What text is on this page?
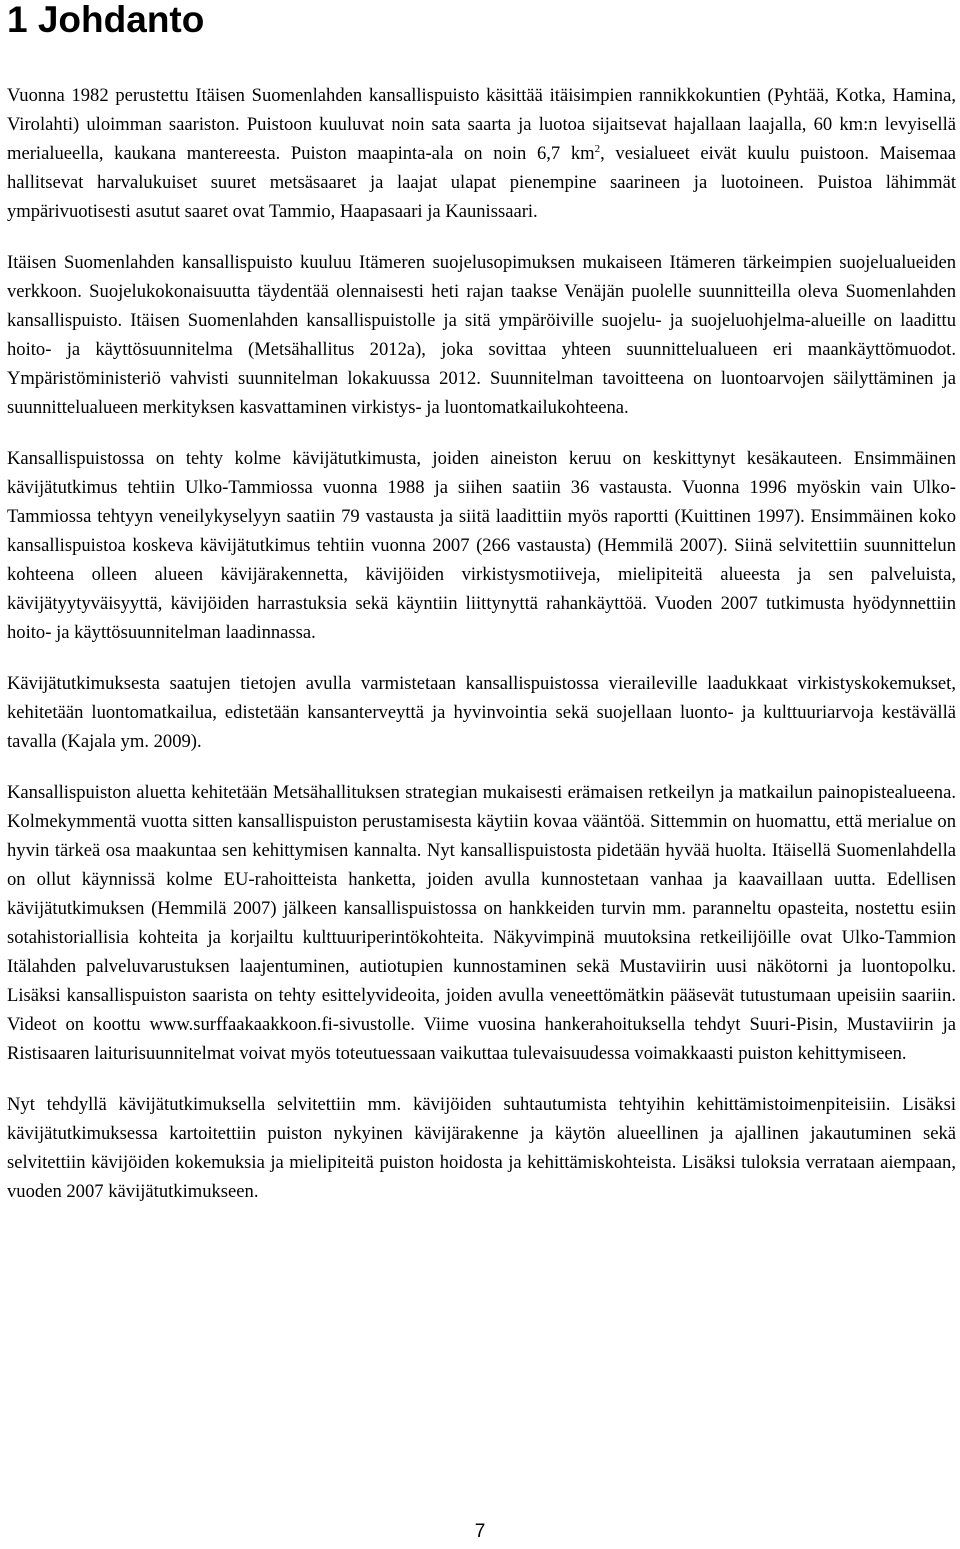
1 Johdanto

Vuonna 1982 perustettu Itäisen Suomenlahden kansallispuisto käsittää itäisimpien rannikkokuntien (Pyhtää, Kotka, Hamina, Virolahti) uloimman saariston. Puistoon kuuluvat noin sata saarta ja luotoa sijaitsevat hajallaan laajalla, 60 km:n levyisellä merialueella, kaukana mantereesta. Puiston maapinta-ala on noin 6,7 $km^2$, vesialueet eivät kuulu puistoon. Maisemaa hallitsevat harvalukuiset suuret metsäsaaret ja laajat ulapat pienempine saarineen ja luotoineen. Puistoa lähimmät ympärivuotisesti asutut saaret ovat Tammio, Haapasaari ja Kaunissaari.

Itäisen Suomenlahden kansallispuisto kuuluu Itämeren suojelusopimuksen mukaiseen Itämeren tärkeimpien suojelualueiden verkkoon. Suojelukokonaisuutta täydentää olennaisesti heti rajan taakse Venäjän puolelle suunnitteilla oleva Suomenlahden kansallispuisto. Itäisen Suomenlahden kansallispuistolle ja sitä ympäröiville suojelu- ja suojeluohjelma-alueille on laadittu hoito- ja käyttösuunnitelma (Metsähallitus 2012a), joka sovittaa yhteen suunnittelualueen eri maankäyttömuodot. Ympäristöministeriö vahvisti suunnitelman lokakuussa 2012. Suunnitelman tavoitteena on luontoarvojen säilyttäminen ja suunnittelualueen merkityksen kasvattaminen virkistys- ja luontomatkailukohteena.

Kansallispuistossa on tehty kolme kävijätutkimusta, joiden aineiston keruu on keskittynyt kesäkauteen. Ensimmäinen kävijätutkimus tehtiin Ulko-Tammiossa vuonna 1988 ja siihen saatiin 36 vastausta. Vuonna 1996 myöskin vain Ulko-Tammiossa tehtyyn veneilykyselyyn saatiin 79 vastausta ja siitä laadittiin myös raportti (Kuittinen 1997). Ensimmäinen koko kansallispuistoa koskeva kävijätutkimus tehtiin vuonna 2007 (266 vastausta) (Hemmilä 2007). Siinä selvitettiin suunnittelun kohteena olleen alueen kävijärakennetta, kävijöiden virkistysmotiiveja, mielipiteitä alueesta ja sen palveluista, kävijätyytyväisyyttä, kävijöiden harrastuksia sekä käyntiin liittynyttä rahankäyttöä. Vuoden 2007 tutkimusta hyödynnettiin hoito- ja käyttösuunnitelman laadinnassa.

Kävijätutkimuksesta saatujen tietojen avulla varmistetaan kansallispuistossa vieraileville laadukkaat virkistyskokemukset, kehitetään luontomatkailua, edistetään kansanterveyttä ja hyvinvointia sekä suojellaan luonto- ja kulttuuriarvoja kestävällä tavalla (Kajala ym. 2009).

Kansallispuiston aluetta kehitetään Metsähallituksen strategian mukaisesti erämaisen retkeilyn ja matkailun painopistealueena. Kolmekymmentä vuotta sitten kansallispuiston perustamisesta käytiin kovaa vääntöä. Sittemmin on huomattu, että merialue on hyvin tärkeä osa maakuntaa sen kehittymisen kannalta. Nyt kansallispuistosta pidetään hyvää huolta. Itäisellä Suomenlahdella on ollut käynnissä kolme EU-rahoitteista hanketta, joiden avulla kunnostetaan vanhaa ja kaavaillaan uutta. Edellisen kävijätutkimuksen (Hemmilä 2007) jälkeen kansallispuistossa on hankkeiden turvin mm. paranneltu opasteita, nostettu esiin sotahistoriallisia kohteita ja korjailtu kulttuuriperintökohteita. Näkyvimpinä muutoksina retkeilijöille ovat Ulko-Tammion Itälahden palveluvarustuksen laajentuminen, autiotupien kunnostaminen sekä Mustaviirin uusi näkötorni ja luontopolku. Lisäksi kansallispuiston saarista on tehty esittelyvideoita, joiden avulla veneettömätkin pääsevät tutustumaan upeisiin saariin. Videot on koottu www.surffaakaakkoon.fi-sivustolle. Viime vuosina hankerahoituksella tehdyt Suuri-Pisin, Mustaviirin ja Ristisaaren laiturisuunnitelmat voivat myös toteutuessaan vaikuttaa tulevaisuudessa voimakkaasti puiston kehittymiseen.

Nyt tehdyllä kävijätutkimuksella selvitettiin mm. kävijöiden suhtautumista tehtyihin kehittämistoimenpiteisiin. Lisäksi kävijätutkimuksessa kartoitettiin puiston nykyinen kävijärakenne ja käytön alueellinen ja ajallinen jakautuminen sekä selvitettiin kävijöiden kokemuksia ja mielipiteitä puiston hoidosta ja kehittämiskohteista. Lisäksi tuloksia verrataan aiempaan, vuoden 2007 kävijätutkimukseen.

7
